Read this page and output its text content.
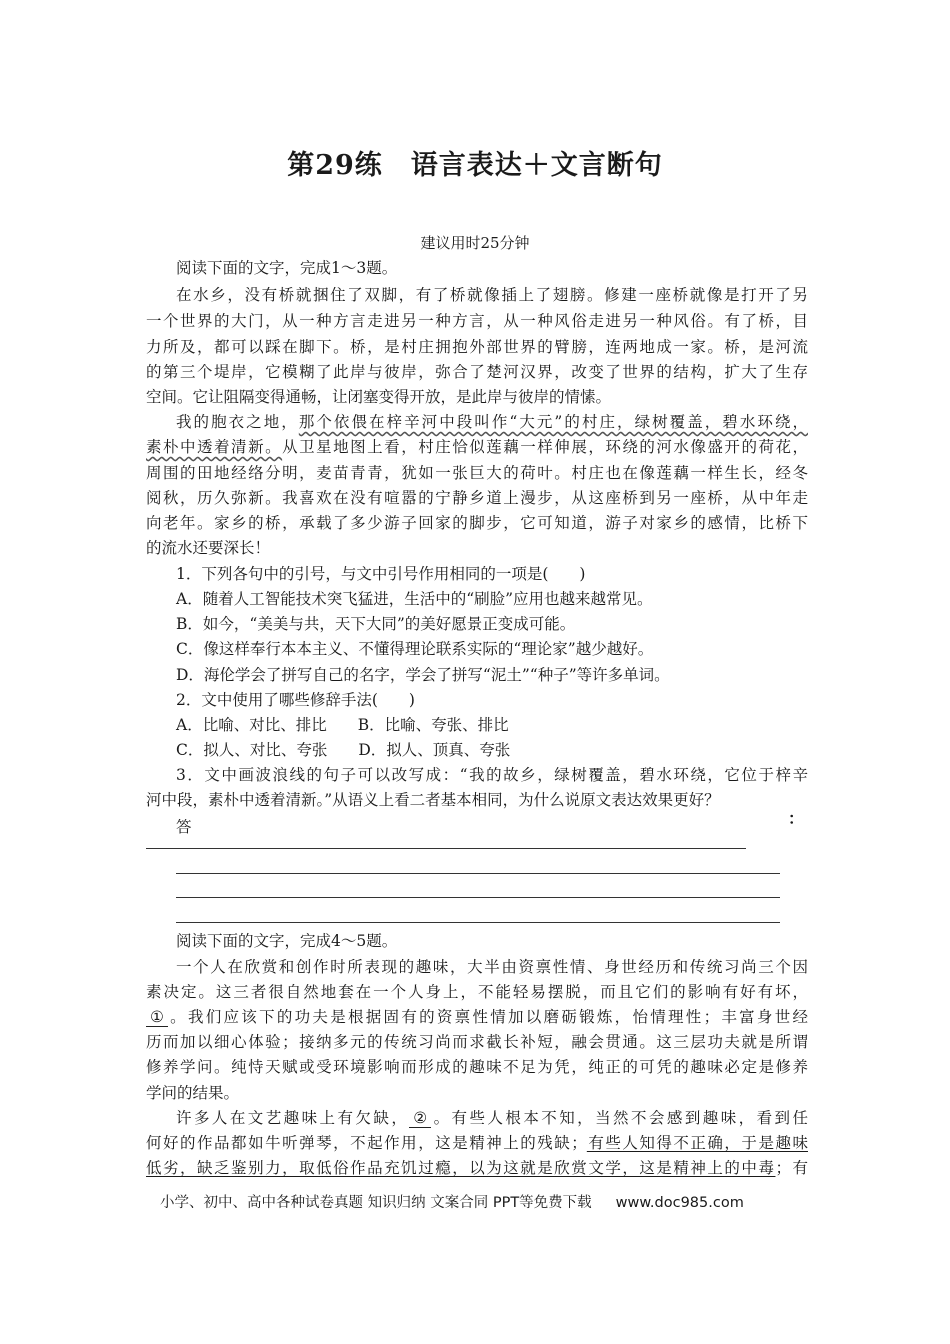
第29练　语言表达＋文言断句
建议用时25分钟
阅读下面的文字，完成1～3题。
在水乡，没有桥就捆住了双脚，有了桥就像插上了翅膀。修建一座桥就像是打开了另
一个世界的大门，从一种方言走进另一种方言，从一种风俗走进另一种风俗。有了桥，目
力所及，都可以踩在脚下。桥，是村庄拥抱外部世界的臂膀，连两地成一家。桥，是河流
的第三个堤岸，它模糊了此岸与彼岸，弥合了楚河汉界，改变了世界的结构，扩大了生存
空间。它让阻隔变得通畅，让闭塞变得开放，是此岸与彼岸的情愫。
我的胞衣之地，那个依偎在梓辛河中段叫作“大元”的村庄，绿树覆盖，碧水环绕，
素朴中透着清新。从卫星地图上看，村庄恰似莲藕一样伸展，环绕的河水像盛开的荷花，
周围的田地经络分明，麦苗青青，犹如一张巨大的荷叶。村庄也在像莲藕一样生长，经冬
阅秋，历久弥新。我喜欢在没有喧嚣的宁静乡道上漫步，从这座桥到另一座桥，从中年走
向老年。家乡的桥，承载了多少游子回家的脚步，它可知道，游子对家乡的感情，比桥下
的流水还要深长！
1．下列各句中的引号，与文中引号作用相同的一项是(　　)
A．随着人工智能技术突飞猛进，生活中的“刷脸”应用也越来越常见。
B．如今，“美美与共，天下大同”的美好愿景正变成可能。
C．像这样奉行本本主义、不懂得理论联系实际的“理论家”越少越好。
D．海伦学会了拼写自己的名字，学会了拼写“泥土”“种子”等许多单词。
2．文中使用了哪些修辞手法(　　)
A．比喻、对比、排比　　B．比喻、夸张、排比
C．拟人、对比、夸张　　D．拟人、顶真、夸张
3．文中画波浪线的句子可以改写成：“我的故乡，绿树覆盖，碧水环绕，它位于梓辛
河中段，素朴中透着清新。”从语义上看二者基本相同，为什么说原文表达效果更好？
答	：
阅读下面的文字，完成4～5题。
一个人在欣赏和创作时所表现的趣味，大半由资禀性情、身世经历和传统习尚三个因
素决定。这三者很自然地套在一个人身上，不能轻易摆脱，而且它们的影响有好有坏，
① 。我们应该下的功夫是根据固有的资禀性情加以磨砺锻炼，怡情理性；丰富身世经
历而加以细心体验；接纳多元的传统习尚而求截长补短，融会贯通。这三层功夫就是所谓
修养学问。纯恃天赋或受环境影响而形成的趣味不足为凭，纯正的可凭的趣味必定是修养
学问的结果。
许多人在文艺趣味上有欠缺， ② 。有些人根本不知，当然不会感到趣味，看到任
何好的作品都如牛听弹琴，不起作用，这是精神上的残缺；有些人知得不正确，于是趣味
低劣，缺乏鉴别力，取低俗作品充饥过瘾，以为这就是欣赏文学，这是精神上的中毒；有
小学、初中、高中各种试卷真题 知识归纳 文案合同 PPT等免费下载 www.doc985.com
